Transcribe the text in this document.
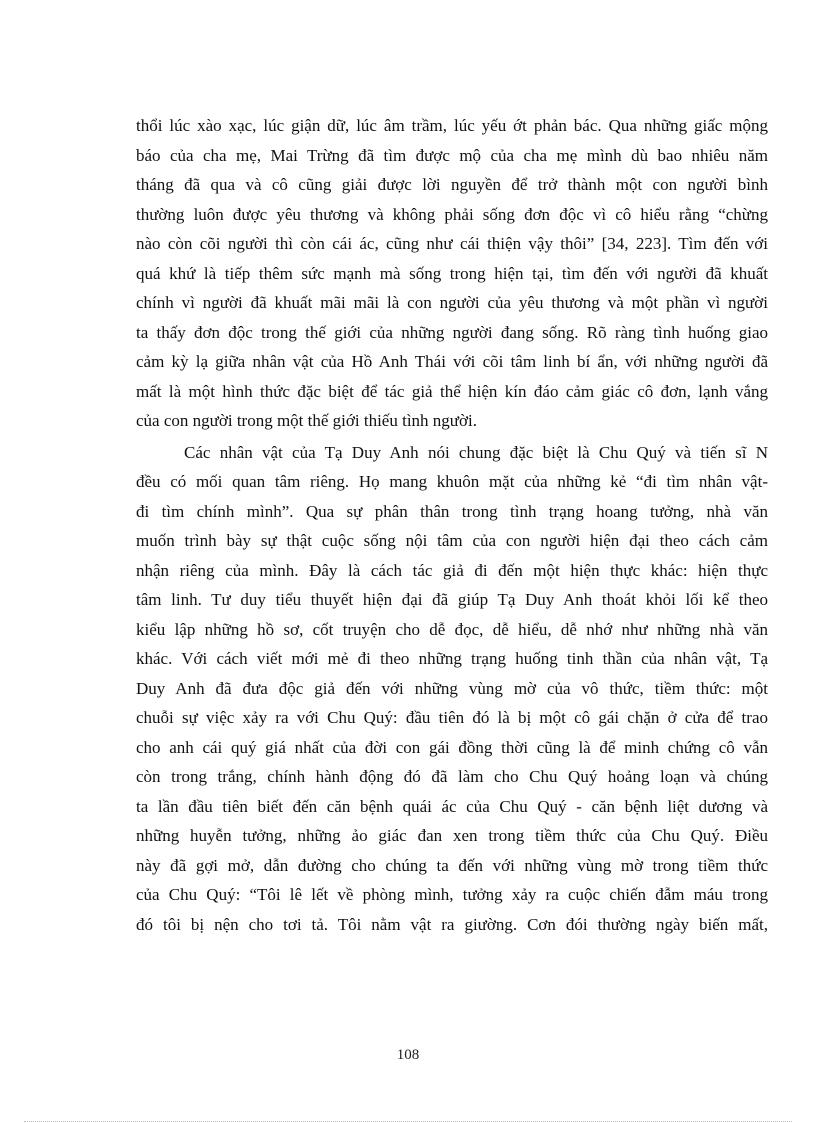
thổi lúc xào xạc, lúc giận dữ, lúc âm trầm, lúc yếu ớt phản bác. Qua những giấc mộng
báo của cha mẹ, Mai Trừng đã tìm được mộ của cha mẹ mình dù bao nhiêu năm
tháng đã qua và cô cũng giải được lời nguyền để trở thành một con người bình
thường luôn được yêu thương và không phải sống đơn độc vì cô hiểu rằng “chừng
nào còn cõi người thì còn cái ác, cũng như cái thiện vậy thôi” [34, 223]. Tìm đến với
quá khứ là tiếp thêm sức mạnh mà sống trong hiện tại, tìm đến với người đã khuất
chính vì người đã khuất mãi mãi là con người của yêu thương và một phần vì người
ta thấy đơn độc trong thế giới của những người đang sống. Rõ ràng tình huống giao
cảm kỳ lạ giữa nhân vật của Hồ Anh Thái với cõi tâm linh bí ẩn, với những người đã
mất là một hình thức đặc biệt để tác giả thể hiện kín đáo cảm giác cô đơn, lạnh vắng
của con người trong một thế giới thiếu tình người.
Các nhân vật của Tạ Duy Anh nói chung đặc biệt là Chu Quý và tiến sĩ N
đều có mối quan tâm riêng. Họ mang khuôn mặt của những kẻ “đi tìm nhân vật-
đi tìm chính mình”. Qua sự phân thân trong tình trạng hoang tưởng, nhà văn
muốn trình bày sự thật cuộc sống nội tâm của con người hiện đại theo cách cảm
nhận riêng của mình. Đây là cách tác giả đi đến một hiện thực khác: hiện thực
tâm linh. Tư duy tiểu thuyết hiện đại đã giúp Tạ Duy Anh thoát khỏi lối kể theo
kiểu lập những hồ sơ, cốt truyện cho dễ đọc, dễ hiểu, dễ nhớ như những nhà văn
khác. Với cách viết mới mẻ đi theo những trạng huống tinh thần của nhân vật, Tạ
Duy Anh đã đưa độc giả đến với những vùng mờ của vô thức, tiềm thức: một
chuỗi sự việc xảy ra với Chu Quý: đầu tiên đó là bị một cô gái chặn ở cửa để trao
cho anh cái quý giá nhất của đời con gái đồng thời cũng là để minh chứng cô vẫn
còn trong trắng, chính hành động đó đã làm cho Chu Quý hoảng loạn và chúng
ta lần đầu tiên biết đến căn bệnh quái ác của Chu Quý - căn bệnh liệt dương và
những huyễn tưởng, những ảo giác đan xen trong tiềm thức của Chu Quý. Điều
này đã gợi mở, dẫn đường cho chúng ta đến với những vùng mờ trong tiềm thức
của Chu Quý: “Tôi lê lết về phòng mình, tưởng xảy ra cuộc chiến đẫm máu trong
đó tôi bị nện cho tơi tả. Tôi nằm vật ra giường. Cơn đói thường ngày biến mất,
108
